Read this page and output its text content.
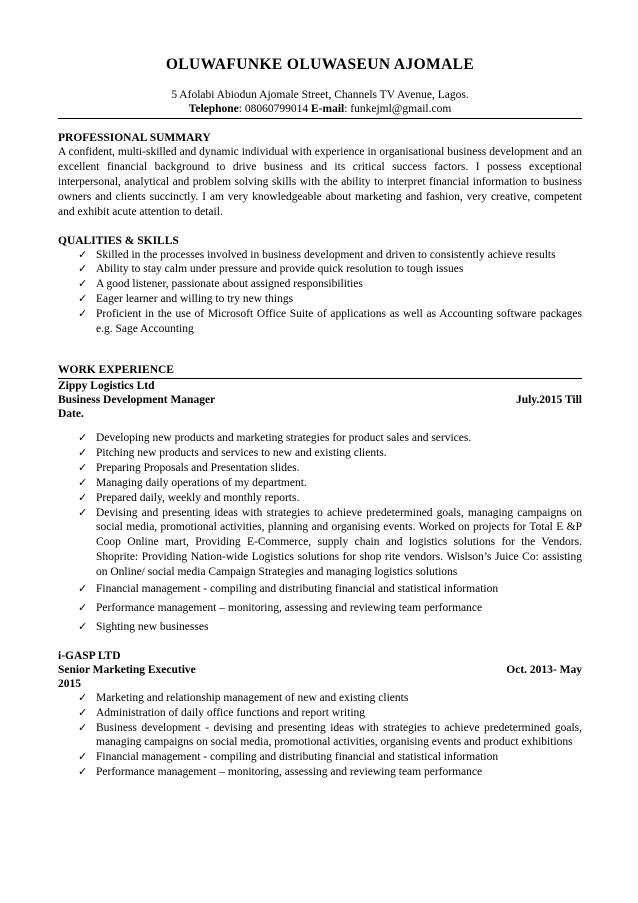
OLUWAFUNKE OLUWASEUN AJOMALE
5 Afolabi Abiodun Ajomale Street, Channels TV Avenue, Lagos.
Telephone: 08060799014 E-mail: funkejml@gmail.com
PROFESSIONAL SUMMARY
A confident, multi-skilled and dynamic individual with experience in organisational business development and an excellent financial background to drive business and its critical success factors. I possess exceptional interpersonal, analytical and problem solving skills with the ability to interpret financial information to business owners and clients succinctly. I am very knowledgeable about marketing and fashion, very creative, competent and exhibit acute attention to detail.
QUALITIES & SKILLS
✓ Skilled in the processes involved in business development and driven to consistently achieve results
✓ Ability to stay calm under pressure and provide quick resolution to tough issues
✓ A good listener, passionate about assigned responsibilities
✓ Eager learner and willing to try new things
✓ Proficient in the use of Microsoft Office Suite of applications as well as Accounting software packages e.g. Sage Accounting
WORK EXPERIENCE
Zippy Logistics Ltd
Business Development Manager	July.2015 Till
Date.
✓ Developing new products and marketing strategies for product sales and services.
✓ Pitching new products and services to new and existing clients.
✓ Preparing Proposals and Presentation slides.
✓ Managing daily operations of my department.
✓ Prepared daily, weekly and monthly reports.
✓ Devising and presenting ideas with strategies to achieve predetermined goals, managing campaigns on social media, promotional activities, planning and organising events. Worked on projects for Total E &P Coop Online mart, Providing E-Commerce, supply chain and logistics solutions for the Vendors. Shoprite: Providing Nation-wide Logistics solutions for shop rite vendors. Wislson’s Juice Co: assisting on Online/ social media Campaign Strategies and managing logistics solutions
✓ Financial management - compiling and distributing financial and statistical information
✓ Performance management – monitoring, assessing and reviewing team performance
✓ Sighting new businesses
i-GASP LTD
Senior Marketing Executive	Oct. 2013- May
2015
✓ Marketing and relationship management of new and existing clients
✓ Administration of daily office functions and report writing
✓ Business development - devising and presenting ideas with strategies to achieve predetermined goals, managing campaigns on social media, promotional activities, organising events and product exhibitions
✓ Financial management - compiling and distributing financial and statistical information
✓ Performance management – monitoring, assessing and reviewing team performance
